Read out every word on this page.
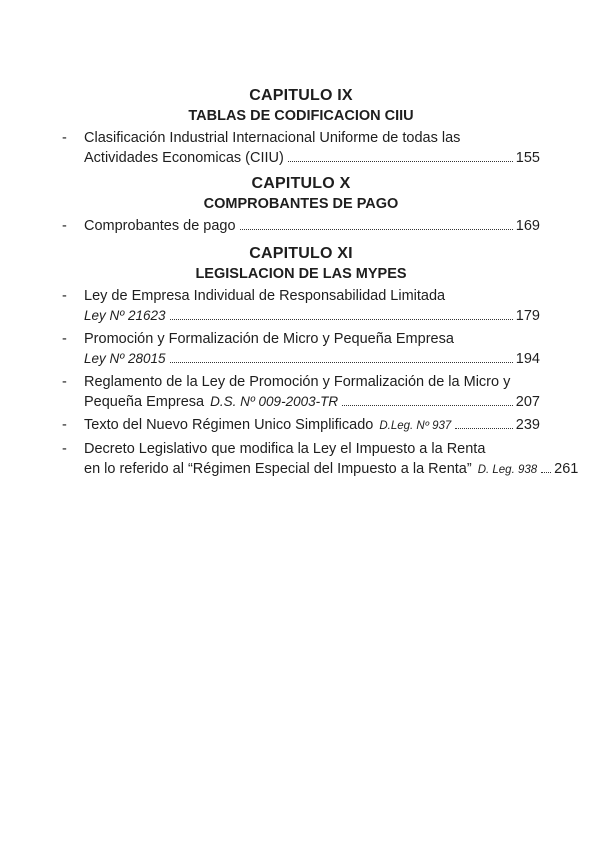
CAPITULO IX
TABLAS DE CODIFICACION CIIU
-	Clasificación Industrial Internacional Uniforme de todas las
Actividades Economicas (CIIU)	155
CAPITULO X
COMPROBANTES DE PAGO
-	Comprobantes de pago	169
CAPITULO XI
LEGISLACION DE LAS MYPES
-	Ley de Empresa Individual de Responsabilidad Limitada
Ley Nº 21623	179
-	Promoción y Formalización de Micro y Pequeña Empresa
Ley Nº 28015	194
-	Reglamento de la Ley de Promoción y Formalización de la Micro y
Pequeña Empresa D.S. Nº 009-2003-TR	207
-	Texto del Nuevo Régimen Unico Simplificado D.Leg. Nº 937	239
-	Decreto Legislativo que modifica la Ley el Impuesto a la Renta
en lo referido al “Régimen Especial del Impuesto a la Renta” D. Leg. 938 261
